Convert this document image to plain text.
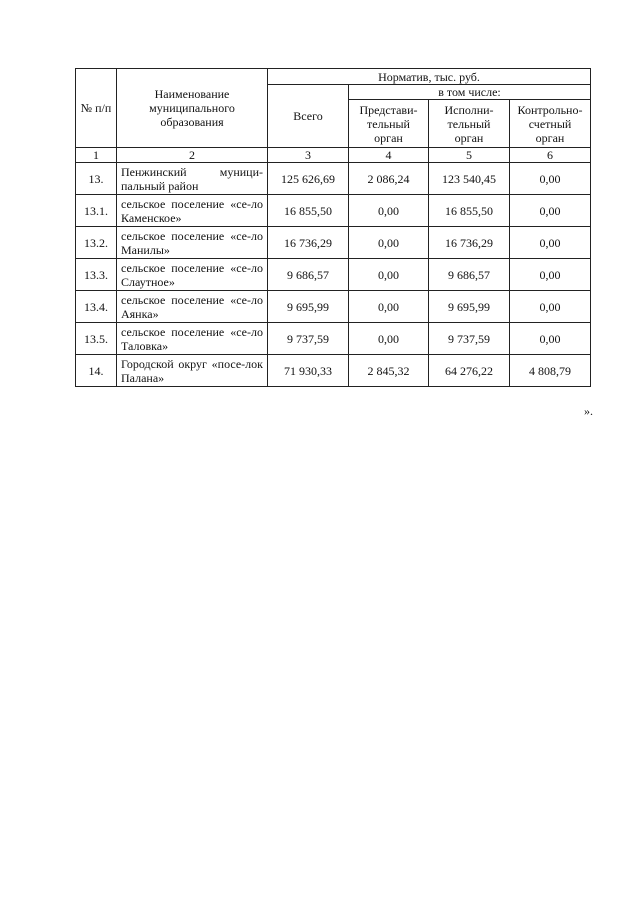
№ п/п	Наименование муниципального образования	Норматив, тыс. руб.			
		Всего	в том числе:		
			Представи-тельный орган	Исполни-тельный орган	Контрольно-счетный орган
1	2	3	4	5	6
13.	Пенжинский муници-пальный район	125 626,69	2 086,24	123 540,45	0,00
13.1.	сельское поселение «се-ло Каменское»	16 855,50	0,00	16 855,50	0,00
13.2.	сельское поселение «се-ло Манилы»	16 736,29	0,00	16 736,29	0,00
13.3.	сельское поселение «се-ло Слаутное»	9 686,57	0,00	9 686,57	0,00
13.4.	сельское поселение «се-ло Аянка»	9 695,99	0,00	9 695,99	0,00
13.5.	сельское поселение «се-ло Таловка»	9 737,59	0,00	9 737,59	0,00
14.	Городской округ «посе-лок Палана»	71 930,33	2 845,32	64 276,22	4 808,79
».
